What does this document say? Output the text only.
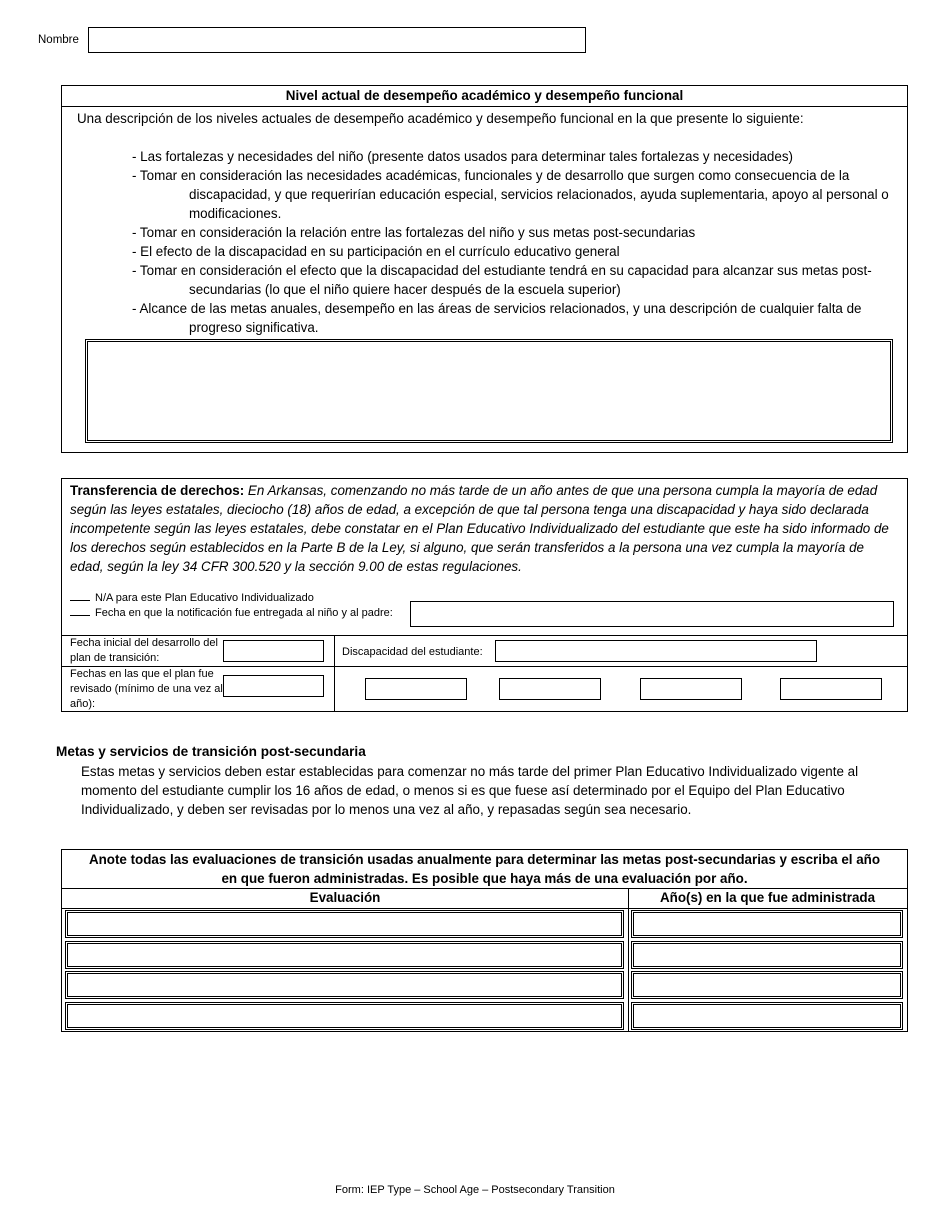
Nombre
Nivel actual de desempeño académico y desempeño funcional
Una descripción de los niveles actuales de desempeño académico y desempeño funcional en la que presente lo siguiente:
- Las fortalezas y necesidades del niño (presente datos usados para determinar tales fortalezas y necesidades)
- Tomar en consideración las necesidades académicas, funcionales y de desarrollo que surgen como consecuencia de la discapacidad, y que requerirían educación especial, servicios relacionados, ayuda suplementaria, apoyo al personal o modificaciones.
- Tomar en consideración la relación entre las fortalezas del niño y sus metas post-secundarias
- El efecto de la discapacidad en su participación en el currículo educativo general
- Tomar en consideración el efecto que la discapacidad del estudiante tendrá en su capacidad para alcanzar sus metas post-secundarias (lo que el niño quiere hacer después de la escuela superior)
- Alcance de las metas anuales, desempeño en las áreas de servicios relacionados, y una descripción de cualquier falta de progreso significativa.
Transferencia de derechos: En Arkansas, comenzando no más tarde de un año antes de que una persona cumpla la mayoría de edad según las leyes estatales, dieciocho (18) años de edad, a excepción de que tal persona tenga una discapacidad y haya sido declarada incompetente según las leyes estatales, debe constatar en el Plan Educativo Individualizado del estudiante que este ha sido informado de los derechos según establecidos en la Parte B de la Ley, si alguno, que serán transferidos a la persona una vez cumpla la mayoría de edad, según la ley 34 CFR 300.520 y la sección 9.00 de estas regulaciones.
N/A para este Plan Educativo Individualizado
Fecha en que la notificación fue entregada al niño y al padre:
Fecha inicial del desarrollo del plan de transición:	Discapacidad del estudiante:
Fechas en las que el plan fue revisado (mínimo de una vez al año):
Metas y servicios de transición post-secundaria
Estas metas y servicios deben estar establecidas para comenzar no más tarde del primer Plan Educativo Individualizado vigente al momento del estudiante cumplir los 16 años de edad, o menos si es que fuese así determinado por el Equipo del Plan Educativo Individualizado, y deben ser revisadas por lo menos una vez al año, y repasadas según sea necesario.
Anote todas las evaluaciones de transición usadas anualmente para determinar las metas post-secundarias y escriba el año
en que fueron administradas. Es posible que haya más de una evaluación por año.
Evaluación	Año(s) en la que fue administrada
Form: IEP Type – School Age – Postsecondary Transition
